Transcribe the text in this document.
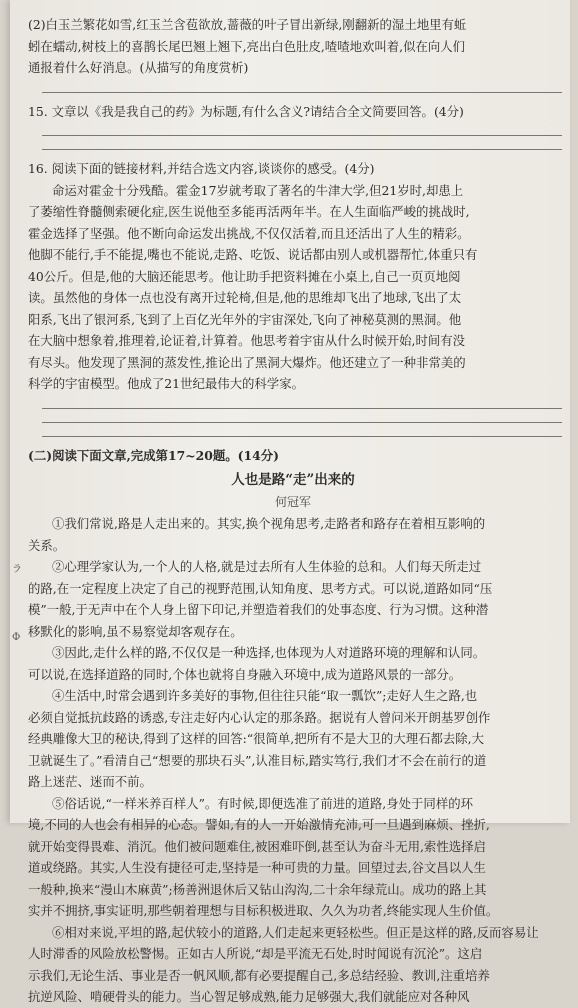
ラ
Ф
(2)白玉兰繁花如雪,红玉兰含苞欲放,蔷薇的叶子冒出新绿,刚翻新的湿土地里有蚯
蚓在蠕动,树枝上的喜鹊长尾巴翘上翘下,亮出白色肚皮,喳喳地欢叫着,似在向人们
通报着什么好消息。(从描写的角度赏析)
15. 文章以《我是我自己的药》为标题,有什么含义?请结合全文简要回答。(4分)
16. 阅读下面的链接材料,并结合选文内容,谈谈你的感受。(4分)
命运对霍金十分残酷。霍金17岁就考取了著名的牛津大学,但21岁时,却患上
了萎缩性脊髓侧索硬化症,医生说他至多能再活两年半。在人生面临严峻的挑战时,
霍金选择了坚强。他不断向命运发出挑战,不仅仅活着,而且还活出了人生的精彩。
他脚不能行,手不能提,嘴也不能说,走路、吃饭、说话都由别人或机器帮忙,体重只有
40公斤。但是,他的大脑还能思考。他让助手把资料摊在小桌上,自己一页页地阅
读。虽然他的身体一点也没有离开过轮椅,但是,他的思维却飞出了地球,飞出了太
阳系,飞出了银河系,飞到了上百亿光年外的宇宙深处,飞向了神秘莫测的黑洞。他
在大脑中想象着,推理着,论证着,计算着。他思考着宇宙从什么时候开始,时间有没
有尽头。他发现了黑洞的蒸发性,推论出了黑洞大爆炸。他还建立了一种非常美的
科学的宇宙模型。他成了21世纪最伟大的科学家。
(二)阅读下面文章,完成第17~20题。(14分)
人也是路“走”出来的
何冠军
①我们常说,路是人走出来的。其实,换个视角思考,走路者和路存在着相互影响的
关系。
②心理学家认为,一个人的人格,就是过去所有人生体验的总和。人们每天所走过
的路,在一定程度上决定了自己的视野范围,认知角度、思考方式。可以说,道路如同“压
模”一般,于无声中在个人身上留下印记,并塑造着我们的处事态度、行为习惯。这种潜
移默化的影响,虽不易察觉却客观存在。
③因此,走什么样的路,不仅仅是一种选择,也体现为人对道路环境的理解和认同。
可以说,在选择道路的同时,个体也就将自身融入环境中,成为道路风景的一部分。
④生活中,时常会遇到许多美好的事物,但往往只能“取一瓢饮”;走好人生之路,也
必须自觉抵抗歧路的诱惑,专注走好内心认定的那条路。据说有人曾问米开朗基罗创作
经典雕像大卫的秘诀,得到了这样的回答:“很简单,把所有不是大卫的大理石都去除,大
卫就诞生了。”看清自己“想要的那块石头”,认准目标,踏实笃行,我们才不会在前行的道
路上迷茫、迷而不前。
⑤俗话说,“一样米养百样人”。有时候,即便选准了前进的道路,身处于同样的环
境,不同的人也会有相异的心态。譬如,有的人一开始激情充沛,可一旦遇到麻烦、挫折,
就开始变得畏难、消沉。他们被问题难住,被困难吓倒,甚至认为奋斗无用,索性选择启
道或绕路。其实,人生没有捷径可走,坚持是一种可贵的力量。回望过去,谷文昌以人生
一般种,换来“漫山木麻黄”;杨善洲退休后又钻山沟沟,二十余年绿荒山。成功的路上其
实并不拥挤,事实证明,那些朝着理想与目标积极进取、久久为功者,终能实现人生价值。
⑥相对来说,平坦的路,起伏较小的道路,人们走起来更轻松些。但正是这样的路,反而容易让
人时滞香的风险放松警惕。正如古人所说,“却是平流无石处,时时闻说有沉沦”。这启
示我们,无论生活、事业是否一帆风顺,都有必要提醒自己,多总结经验、教训,注重培养
抗逆风险、啃硬骨头的能力。当心智足够成熟,能力足够强大,我们就能应对各种风
